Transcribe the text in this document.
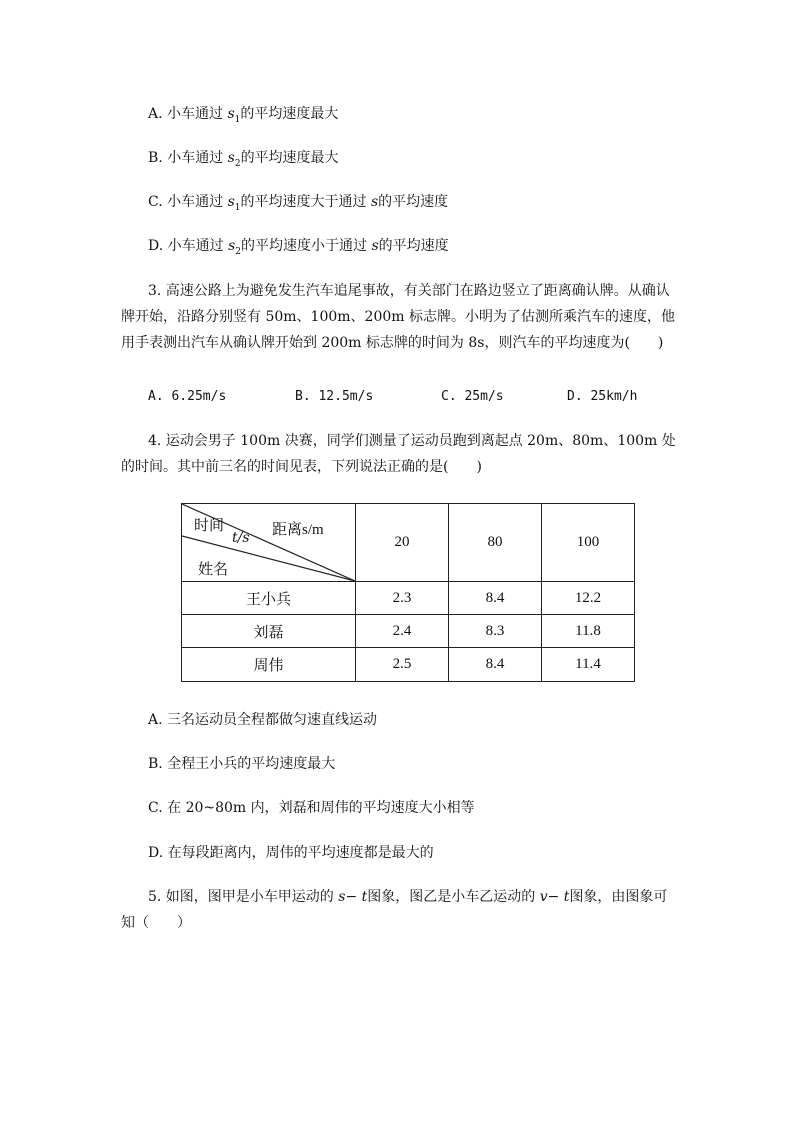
A. 小车通过 $s_1$的平均速度最大
B. 小车通过 $s_2$的平均速度最大
C. 小车通过 $s_1$的平均速度大于通过 s的平均速度
D. 小车通过 $s_2$的平均速度小于通过 s的平均速度
3. 高速公路上为避免发生汽车追尾事故，有关部门在路边竖立了距离确认牌。从确认牌开始，沿路分别竖有 50m、100m、200m 标志牌。小明为了估测所乘汽车的速度，他用手表测出汽车从确认牌开始到 200m 标志牌的时间为 8s，则汽车的平均速度为(　　)
A. 6.25m/s	B. 12.5m/s	C. 25m/s	D. 25km/h
4. 运动会男子 100m 决赛，同学们测量了运动员跑到离起点 20m、80m、100m 处的时间。其中前三名的时间见表，下列说法正确的是(　　)
时间
t/s 距离s/m
姓名	20	80	100
王小兵	2.3	8.4	12.2
刘磊	2.4	8.3	11.8
周伟	2.5	8.4	11.4
A. 三名运动员全程都做匀速直线运动
B. 全程王小兵的平均速度最大
C. 在 20~80m 内，刘磊和周伟的平均速度大小相等
D. 在每段距离内，周伟的平均速度都是最大的
5. 如图，图甲是小车甲运动的 s− t图象，图乙是小车乙运动的 v− t图象，由图象可知（　　）
